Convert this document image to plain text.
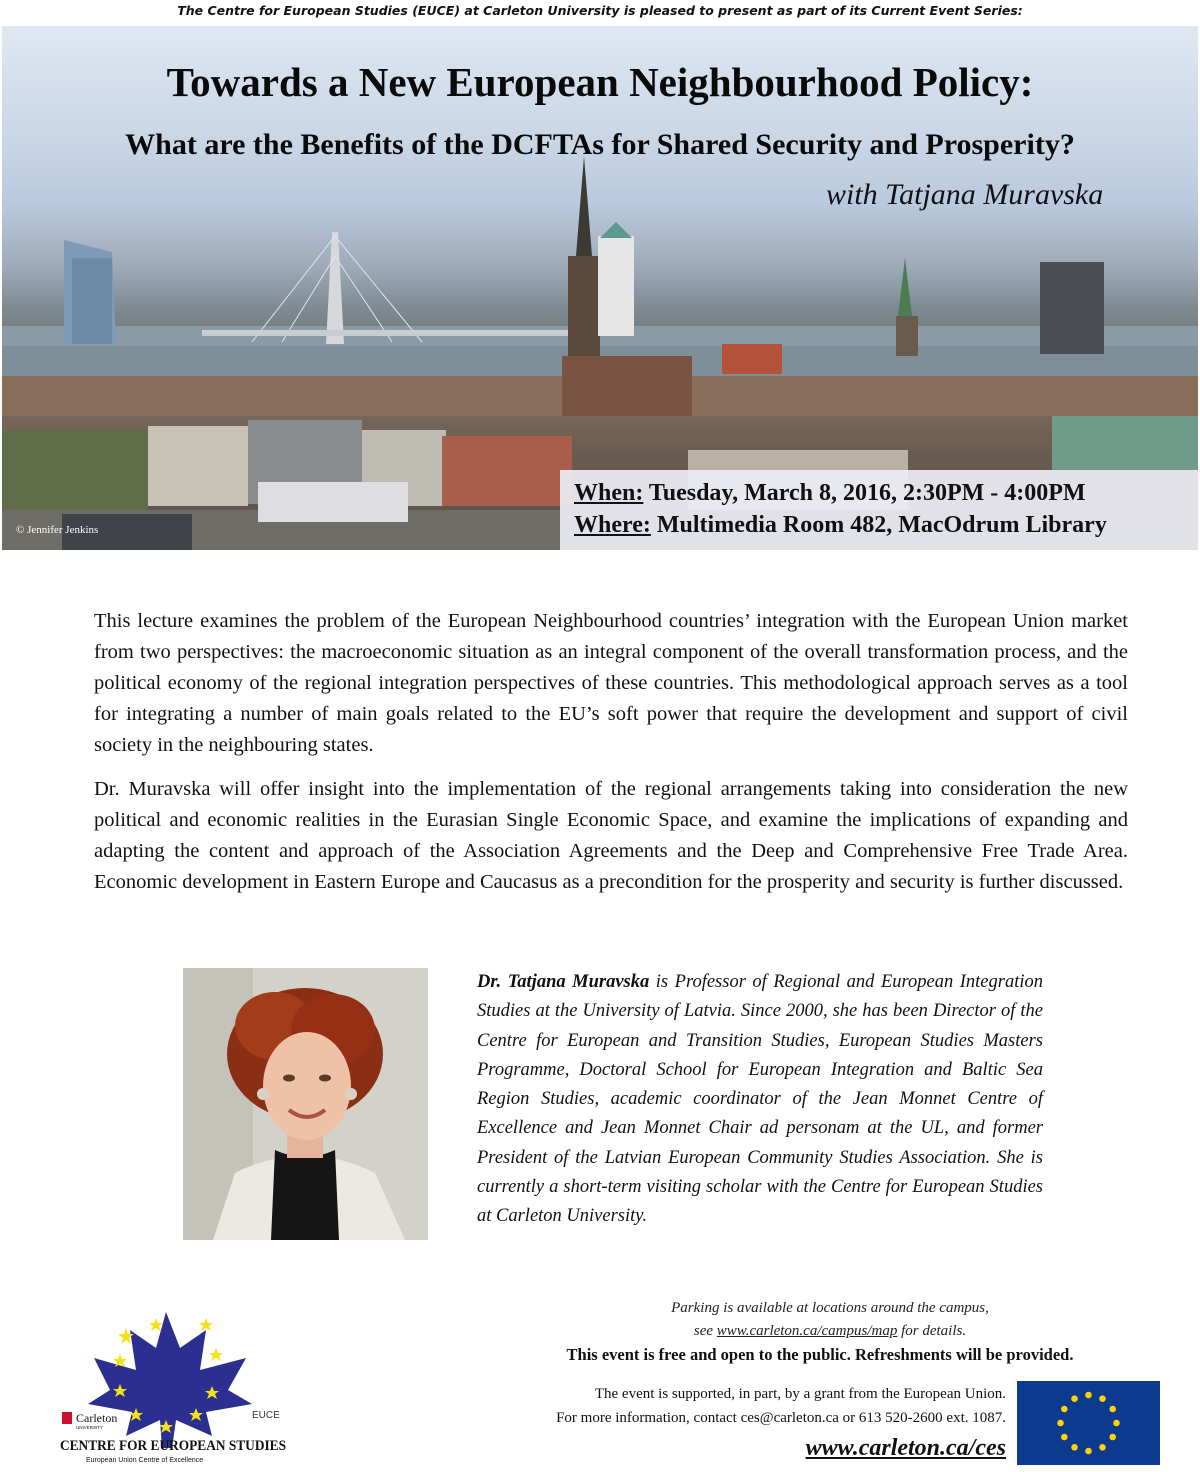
The Centre for European Studies (EUCE) at Carleton University is pleased to present as part of its Current Event Series:
Towards a New European Neighbourhood Policy:
What are the Benefits of the DCFTAs for Shared Security and Prosperity?
with Tatjana Muravska
© Jennifer Jenkins
When: Tuesday, March 8, 2016, 2:30PM - 4:00PM
Where: Multimedia Room 482, MacOdrum Library

This lecture examines the problem of the European Neighbourhood countries’ integration with the European Union market from two perspectives: the macroeconomic situation as an integral component of the overall transformation process, and the political economy of the regional integration perspectives of these countries. This methodological approach serves as a tool for integrating a number of main goals related to the EU’s soft power that require the development and support of civil society in the neighbouring states.

Dr. Muravska will offer insight into the implementation of the regional arrangements taking into consideration the new political and economic realities in the Eurasian Single Economic Space, and examine the implications of expanding and adapting the content and approach of the Association Agreements and the Deep and Comprehensive Free Trade Area. Economic development in Eastern Europe and Caucasus as a precondition for the prosperity and security is further discussed.

Dr. Tatjana Muravska is Professor of Regional and European Integration Studies at the University of Latvia. Since 2000, she has been Director of the Centre for European and Transition Studies, European Studies Masters Programme, Doctoral School for European Integration and Baltic Sea Region Studies, academic coordinator of the Jean Monnet Centre of Excellence and Jean Monnet Chair ad personam at the UL, and former President of the Latvian European Community Studies Association. She is currently a short-term visiting scholar with the Centre for European Studies at Carleton University.

Carleton
UNIVERSITY
EUCE
CENTRE FOR EUROPEAN STUDIES
European Union Centre of Excellence
Parking is available at locations around the campus,
see www.carleton.ca/campus/map for details.
This event is free and open to the public. Refreshments will be provided.
The event is supported, in part, by a grant from the European Union.
For more information, contact ces@carleton.ca or 613 520-2600 ext. 1087.
www.carleton.ca/ces
